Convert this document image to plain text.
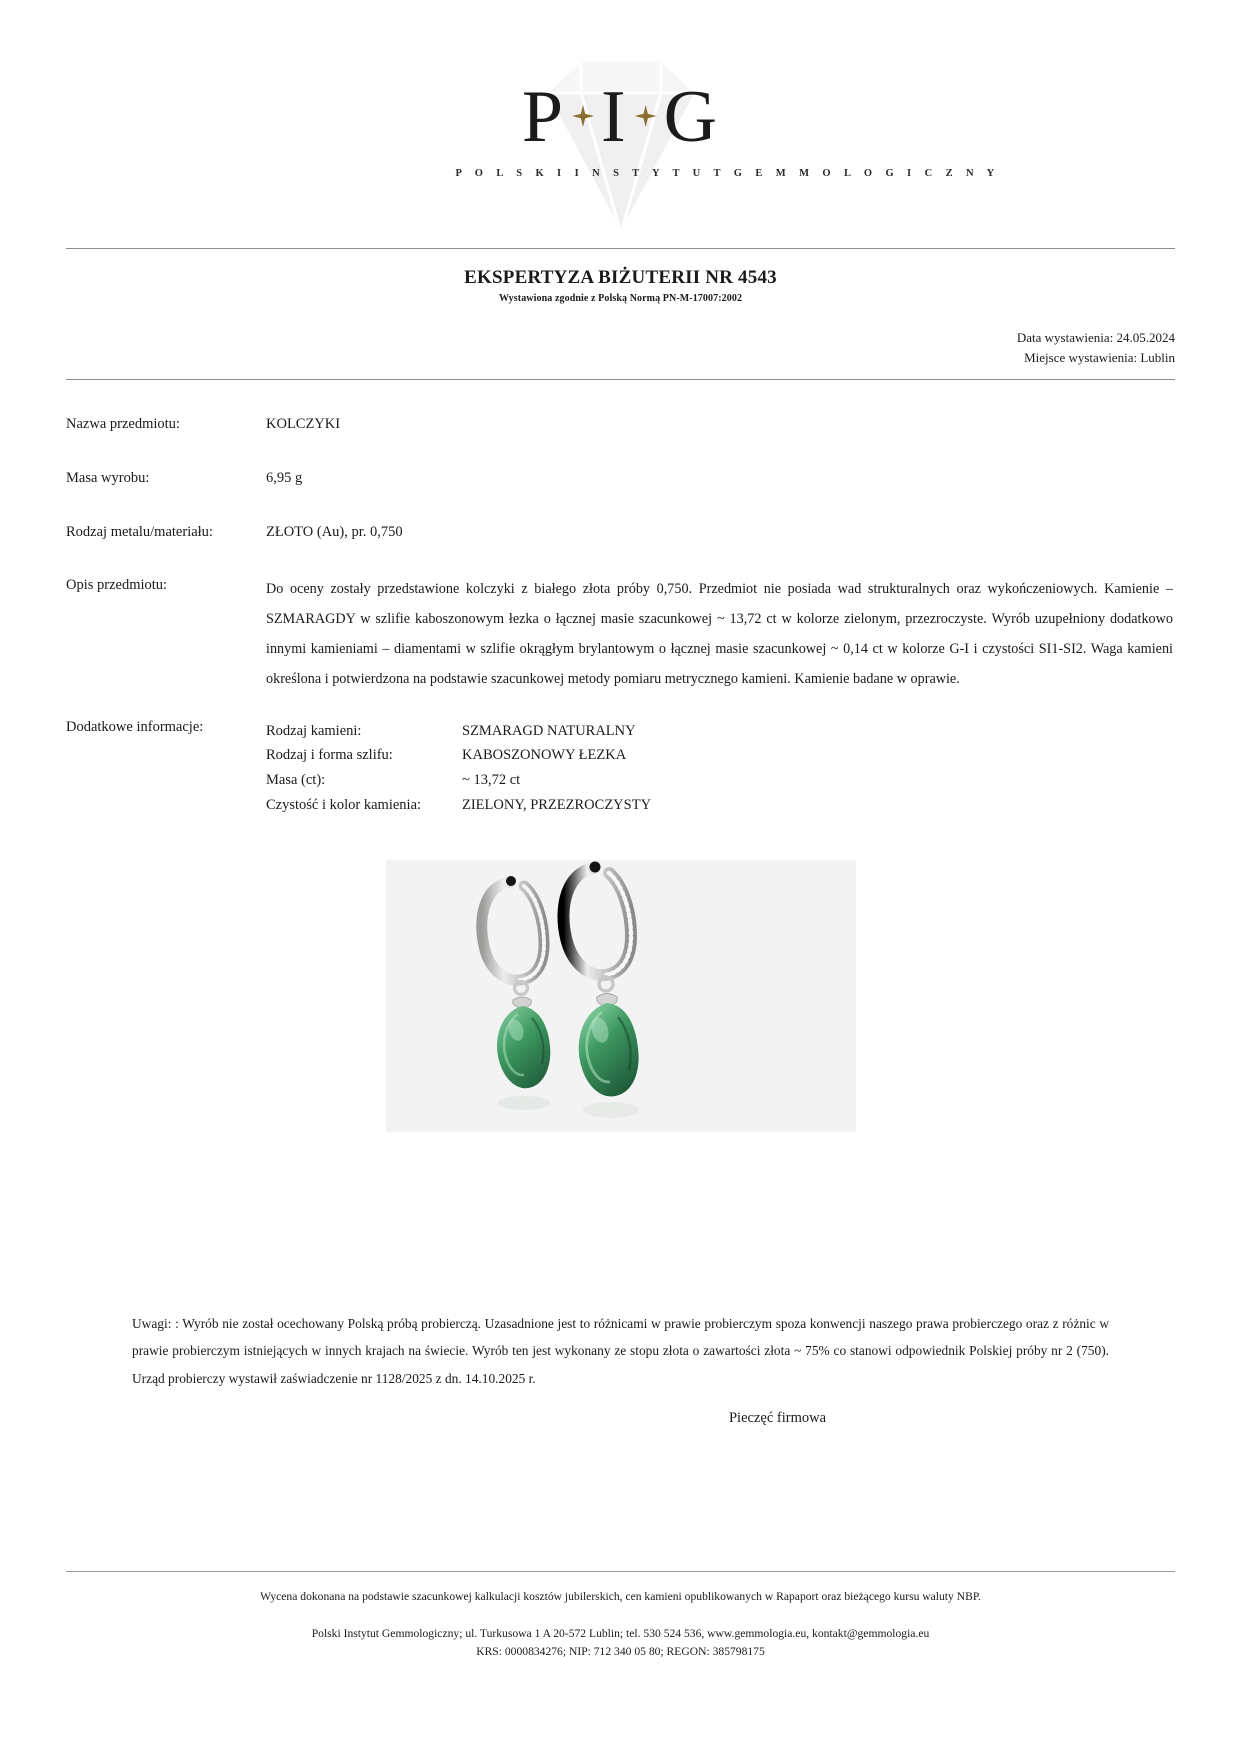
P I G
P O L S K I I N S T Y T U T G E M M O L O G I C Z N Y
EKSPERTYZA BIŻUTERII NR 4543
Wystawiona zgodnie z Polską Normą PN-M-17007:2002
Data wystawienia: 24.05.2024
Miejsce wystawienia: Lublin
Nazwa przedmiotu:	KOLCZYKI
Masa wyrobu:	6,95 g
Rodzaj metalu/materiału:	ZŁOTO (Au), pr. 0,750
Opis przedmiotu:	Do oceny zostały przedstawione kolczyki z białego złota próby 0,750. Przedmiot nie posiada wad strukturalnych oraz wykończeniowych. Kamienie – SZMARAGDY w szlifie kaboszonowym łezka o łącznej masie szacunkowej ~ 13,72 ct w kolorze zielonym, przezroczyste. Wyrób uzupełniony dodatkowo innymi kamieniami – diamentami w szlifie okrągłym brylantowym o łącznej masie szacunkowej ~ 0,14 ct w kolorze G-I i czystości SI1-SI2. Waga kamieni określona i potwierdzona na podstawie szacunkowej metody pomiaru metrycznego kamieni. Kamienie badane w oprawie.
Dodatkowe informacje:	Rodzaj kamieni:	SZMARAGD NATURALNY
Rodzaj i forma szlifu:	KABOSZONOWY ŁEZKA
Masa (ct):	~ 13,72 ct
Czystość i kolor kamienia:	ZIELONY, PRZEZROCZYSTY
Uwagi: : Wyrób nie został ocechowany Polską próbą probierczą. Uzasadnione jest to różnicami w prawie probierczym spoza konwencji naszego prawa probierczego oraz z różnic w prawie probierczym istniejących w innych krajach na świecie. Wyrób ten jest wykonany ze stopu złota o zawartości złota ~ 75% co stanowi odpowiednik Polskiej próby nr 2 (750). Urząd probierczy wystawił zaświadczenie nr 1128/2025 z dn. 14.10.2025 r.
Pieczęć firmowa
Wycena dokonana na podstawie szacunkowej kalkulacji kosztów jubilerskich, cen kamieni opublikowanych w Rapaport oraz bieżącego kursu waluty NBP.
Polski Instytut Gemmologiczny; ul. Turkusowa 1 A 20-572 Lublin; tel. 530 524 536, www.gemmologia.eu, kontakt@gemmologia.eu
KRS: 0000834276; NIP: 712 340 05 80; REGON: 385798175
